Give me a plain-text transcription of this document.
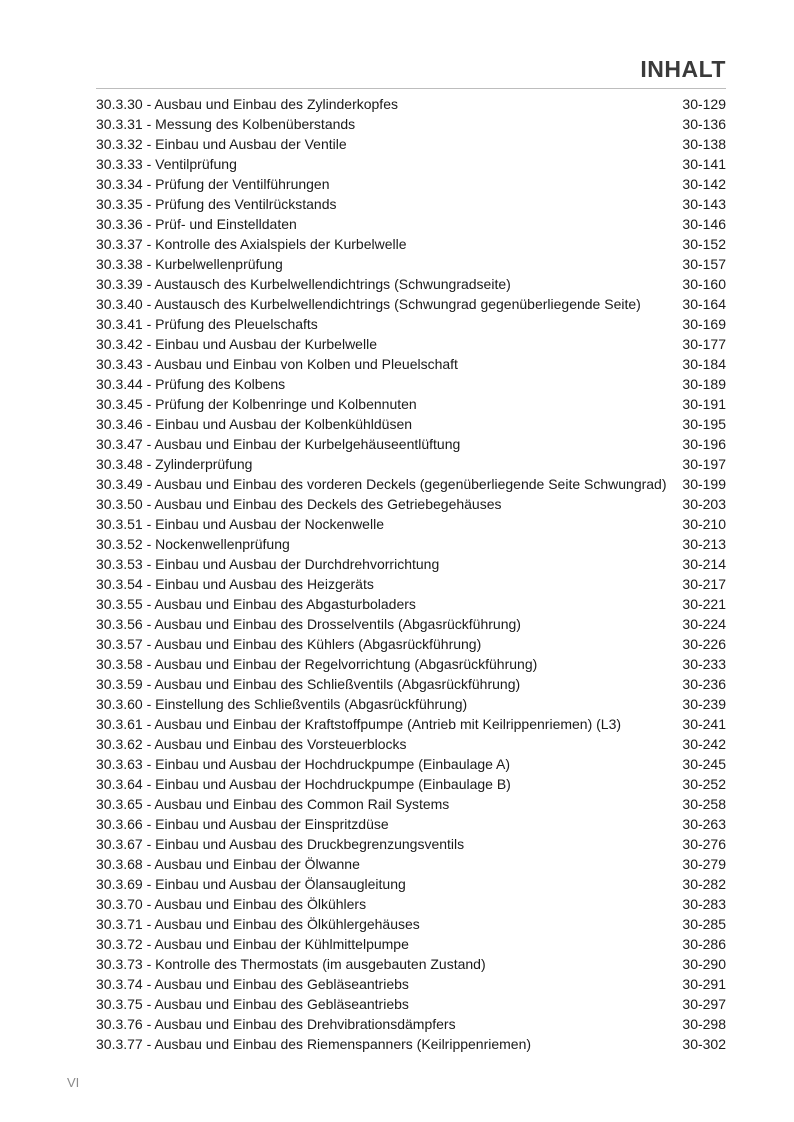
INHALT
30.3.30 - Ausbau und Einbau des Zylinderkopfes	30-129
30.3.31 - Messung des Kolbenüberstands	30-136
30.3.32 - Einbau und Ausbau der Ventile	30-138
30.3.33 - Ventilprüfung	30-141
30.3.34 - Prüfung der Ventilführungen	30-142
30.3.35 - Prüfung des Ventilrückstands	30-143
30.3.36 - Prüf- und Einstelldaten	30-146
30.3.37 - Kontrolle des Axialspiels der Kurbelwelle	30-152
30.3.38 - Kurbelwellenprüfung	30-157
30.3.39 - Austausch des Kurbelwellendichtrings (Schwungradseite)	30-160
30.3.40 - Austausch des Kurbelwellendichtrings (Schwungrad gegenüberliegende Seite)	30-164
30.3.41 - Prüfung des Pleuelschafts	30-169
30.3.42 - Einbau und Ausbau der Kurbelwelle	30-177
30.3.43 - Ausbau und Einbau von Kolben und Pleuelschaft	30-184
30.3.44 - Prüfung des Kolbens	30-189
30.3.45 - Prüfung der Kolbenringe und Kolbennuten	30-191
30.3.46 - Einbau und Ausbau der Kolbenkühldüsen	30-195
30.3.47 - Ausbau und Einbau der Kurbelgehäuseentlüftung	30-196
30.3.48 - Zylinderprüfung	30-197
30.3.49 - Ausbau und Einbau des vorderen Deckels (gegenüberliegende Seite Schwungrad) 30-199
30.3.50 - Ausbau und Einbau des Deckels des Getriebegehäuses	30-203
30.3.51 - Einbau und Ausbau der Nockenwelle	30-210
30.3.52 - Nockenwellenprüfung	30-213
30.3.53 - Einbau und Ausbau der Durchdrehvorrichtung	30-214
30.3.54 - Einbau und Ausbau des Heizgeräts	30-217
30.3.55 - Ausbau und Einbau des Abgasturboladers	30-221
30.3.56 - Ausbau und Einbau des Drosselventils (Abgasrückführung)	30-224
30.3.57 - Ausbau und Einbau des Kühlers (Abgasrückführung)	30-226
30.3.58 - Ausbau und Einbau der Regelvorrichtung (Abgasrückführung)	30-233
30.3.59 - Ausbau und Einbau des Schließventils (Abgasrückführung)	30-236
30.3.60 - Einstellung des Schließventils (Abgasrückführung)	30-239
30.3.61 - Ausbau und Einbau der Kraftstoffpumpe (Antrieb mit Keilrippenriemen) (L3)	30-241
30.3.62 - Ausbau und Einbau des Vorsteuerblocks	30-242
30.3.63 - Einbau und Ausbau der Hochdruckpumpe (Einbaulage A)	30-245
30.3.64 - Einbau und Ausbau der Hochdruckpumpe (Einbaulage B)	30-252
30.3.65 - Ausbau und Einbau des Common Rail Systems	30-258
30.3.66 - Einbau und Ausbau der Einspritzdüse	30-263
30.3.67 - Einbau und Ausbau des Druckbegrenzungsventils	30-276
30.3.68 - Ausbau und Einbau der Ölwanne	30-279
30.3.69 - Einbau und Ausbau der Ölansaugleitung	30-282
30.3.70 - Ausbau und Einbau des Ölkühlers	30-283
30.3.71 - Ausbau und Einbau des Ölkühlergehäuses	30-285
30.3.72 - Ausbau und Einbau der Kühlmittelpumpe	30-286
30.3.73 - Kontrolle des Thermostats (im ausgebauten Zustand)	30-290
30.3.74 - Ausbau und Einbau des Gebläseantriebs	30-291
30.3.75 - Ausbau und Einbau des Gebläseantriebs	30-297
30.3.76 - Ausbau und Einbau des Drehvibrationsdämpfers	30-298
30.3.77 - Ausbau und Einbau des Riemenspanners (Keilrippenriemen)	30-302
VI
